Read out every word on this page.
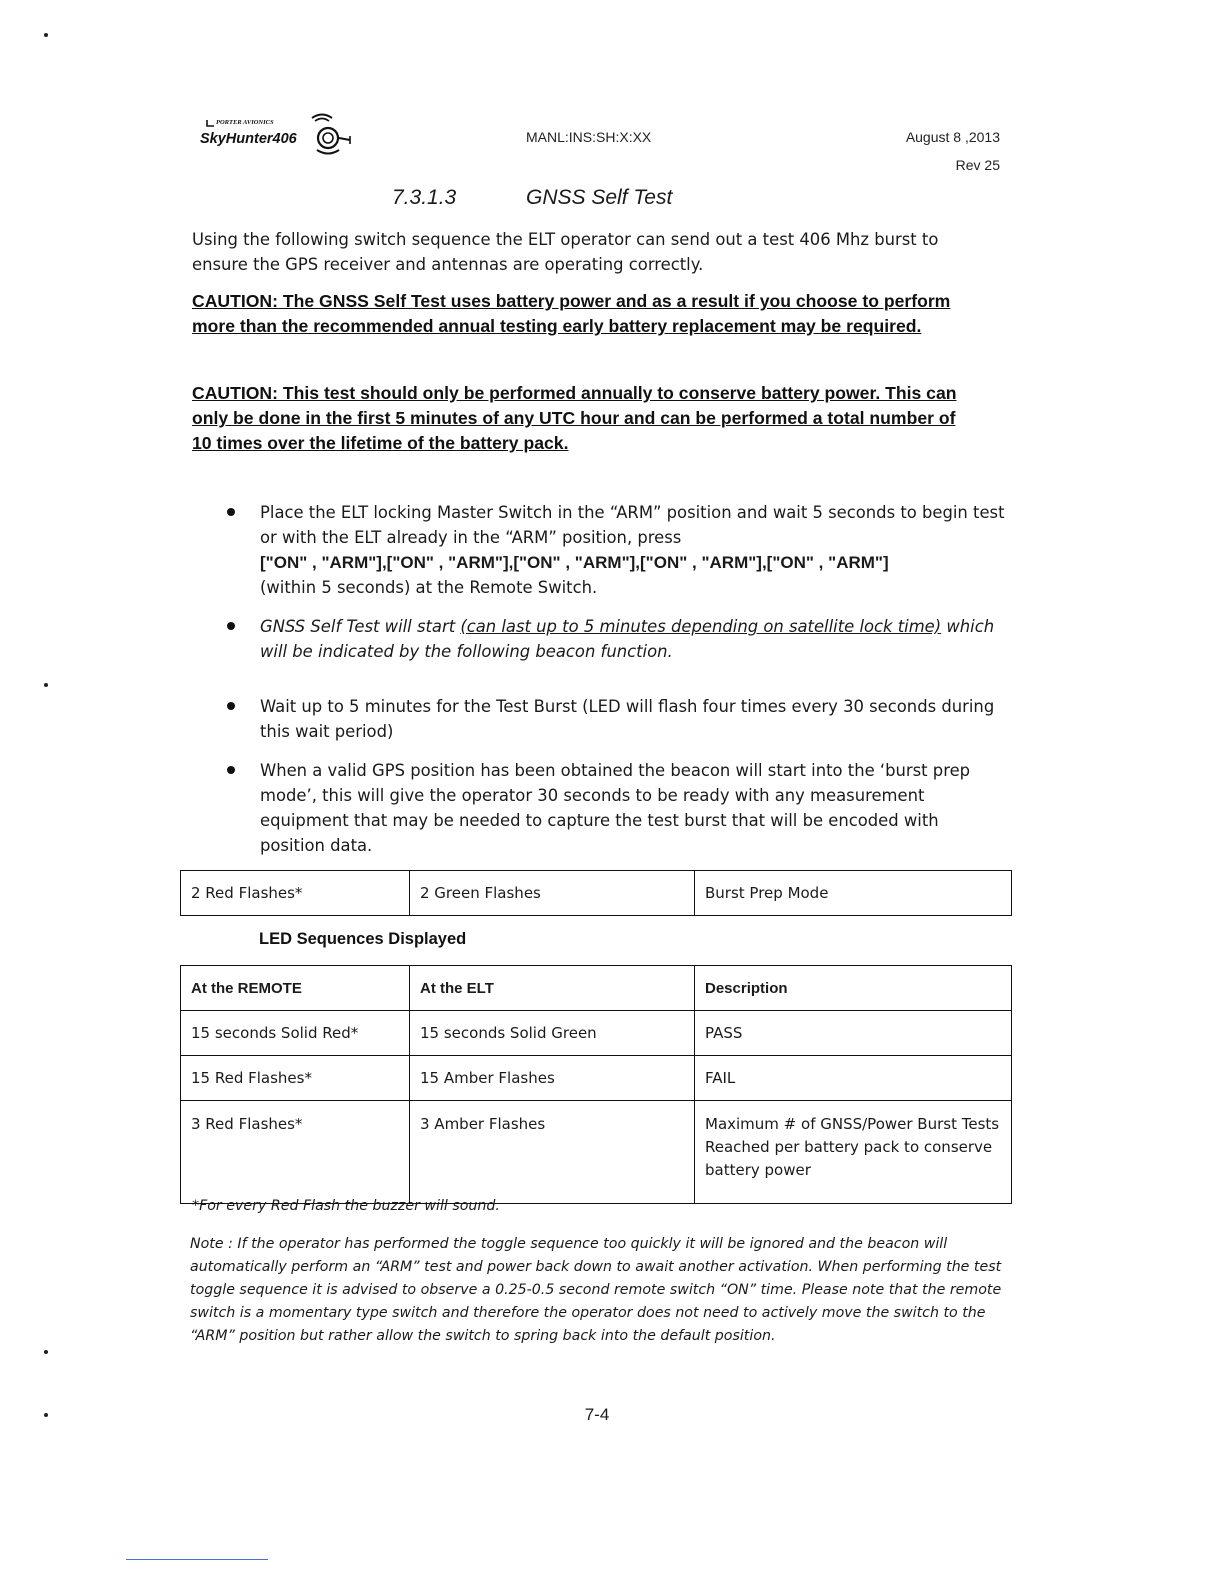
PORTER AVIONICS
SkyHunter406	MANL:INS:SH:X:XX	August 8 ,2013
Rev 25
7.3.1.3	GNSS Self Test
Using the following switch sequence the ELT operator can send out a test 406 Mhz burst to ensure the GPS receiver and antennas are operating correctly.
CAUTION: The GNSS Self Test uses battery power and as a result if you choose to perform
more than the recommended annual testing early battery replacement may be required.
CAUTION: This test should only be performed annually to conserve battery power. This can
only be done in the first 5 minutes of any UTC hour and can be performed a total number of
10 times over the lifetime of the battery pack.
Place the ELT locking Master Switch in the “ARM” position and wait 5 seconds to begin test or with the ELT already in the “ARM” position, press
["ON" , "ARM"],["ON" , "ARM"],["ON" , "ARM"],["ON" , "ARM"],["ON" , "ARM"]
(within 5 seconds) at the Remote Switch.
GNSS Self Test will start (can last up to 5 minutes depending on satellite lock time) which will be indicated by the following beacon function.
Wait up to 5 minutes for the Test Burst (LED will flash four times every 30 seconds during this wait period)
When a valid GPS position has been obtained the beacon will start into the ‘burst prep mode’, this will give the operator 30 seconds to be ready with any measurement equipment that may be needed to capture the test burst that will be encoded with position data.
2 Red Flashes*	2 Green Flashes	Burst Prep Mode
LED Sequences Displayed
At the REMOTE	At the ELT	Description
15 seconds Solid Red*	15 seconds Solid Green	PASS
15 Red Flashes*	15 Amber Flashes	FAIL
3 Red Flashes*	3 Amber Flashes	Maximum # of GNSS/Power Burst Tests Reached per battery pack to conserve battery power
*For every Red Flash the buzzer will sound.
Note : If the operator has performed the toggle sequence too quickly it will be ignored and the beacon will automatically perform an “ARM” test and power back down to await another activation. When performing the test toggle sequence it is advised to observe a 0.25-0.5 second remote switch “ON” time. Please note that the remote switch is a momentary type switch and therefore the operator does not need to actively move the switch to the “ARM” position but rather allow the switch to spring back into the default position.
7-4
